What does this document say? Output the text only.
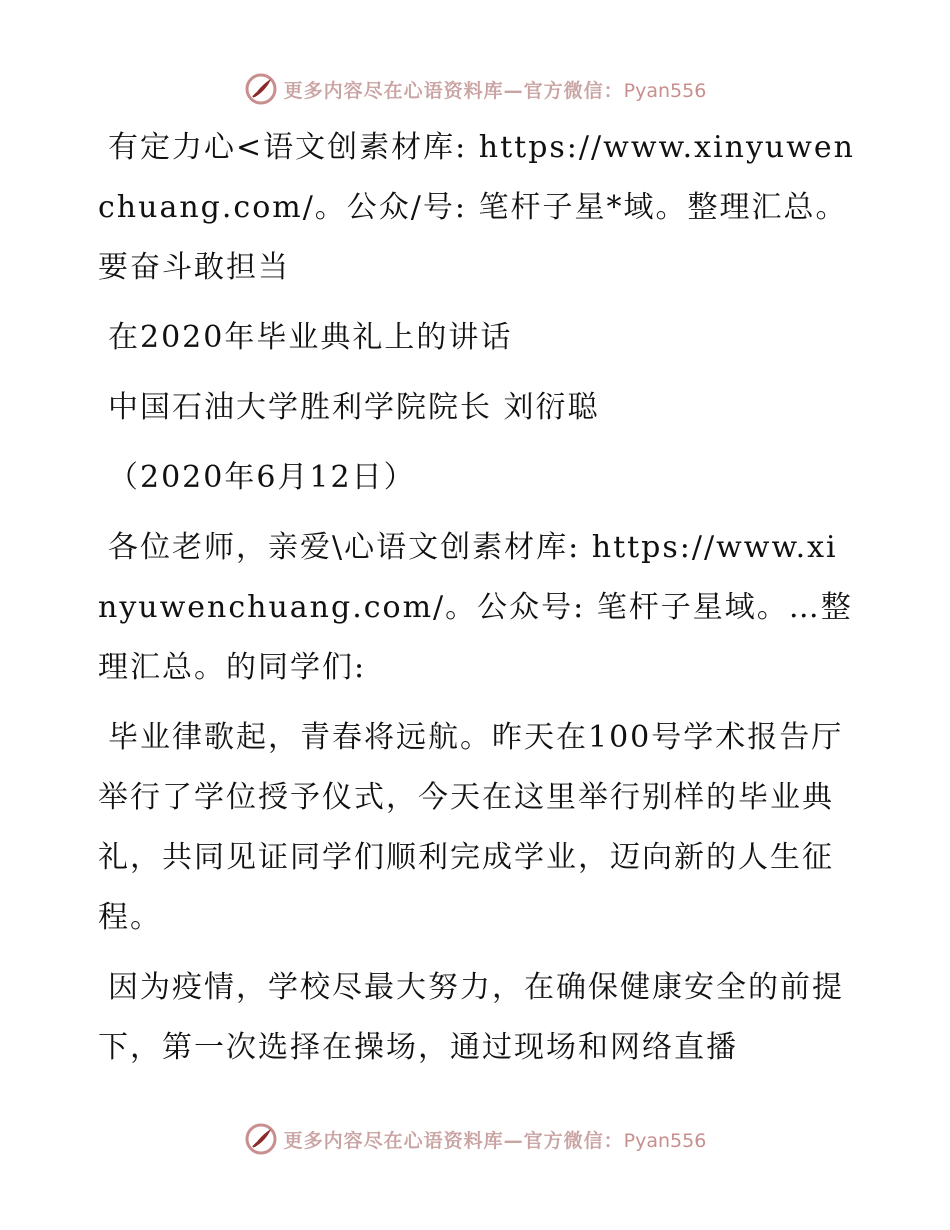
更多内容尽在心语资料库—官方微信：Pyan556

有定力心<语文创素材库: https://www.xinyuwenchuang.com/。公众/号: 笔杆子星*域。整理汇总。要奋斗敢担当

在2020年毕业典礼上的讲话

中国石油大学胜利学院院长 刘衍聪

（2020年6月12日）

各位老师，亲爱\心语文创素材库: https://www.xinyuwenchuang.com/。公众号: 笔杆子星域。…整理汇总。的同学们:

毕业律歌起，青春将远航。昨天在100号学术报告厅举行了学位授予仪式，今天在这里举行别样的毕业典礼，共同见证同学们顺利完成学业，迈向新的人生征程。

因为疫情，学校尽最大努力，在确保健康安全的前提下，第一次选择在操场，通过现场和网络直播

更多内容尽在心语资料库—官方微信：Pyan556
